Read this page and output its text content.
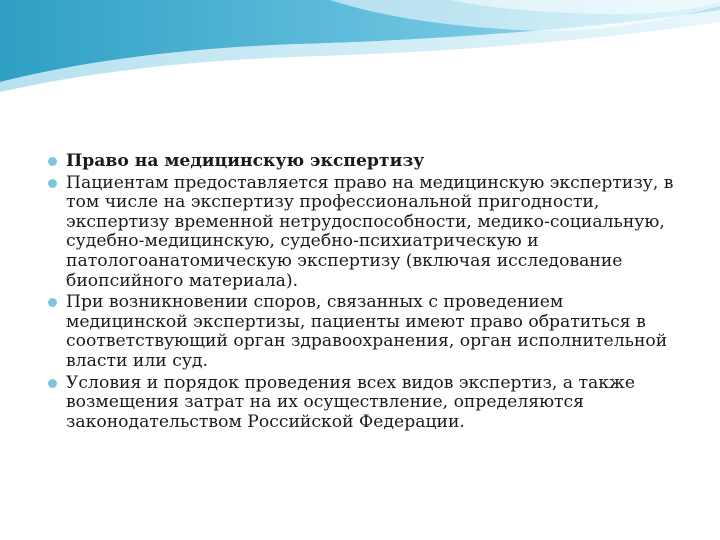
Право на медицинскую экспертизу
Пациентам предоставляется право на медицинскую экспертизу, в том числе на экспертизу профессиональной пригодности, экспертизу временной нетрудоспособности, медико-социальную, судебно-медицинскую, судебно-психиатрическую и патологоанатомическую экспертизу (включая исследование биопсийного материала).
При возникновении споров, связанных с проведением медицинской экспертизы, пациенты имеют право обратиться в соответствующий орган здравоохранения, орган исполнительной власти или суд.
Условия и порядок проведения всех видов экспертиз, а также возмещения затрат на их осуществление, определяются законодательством Российской Федерации.
